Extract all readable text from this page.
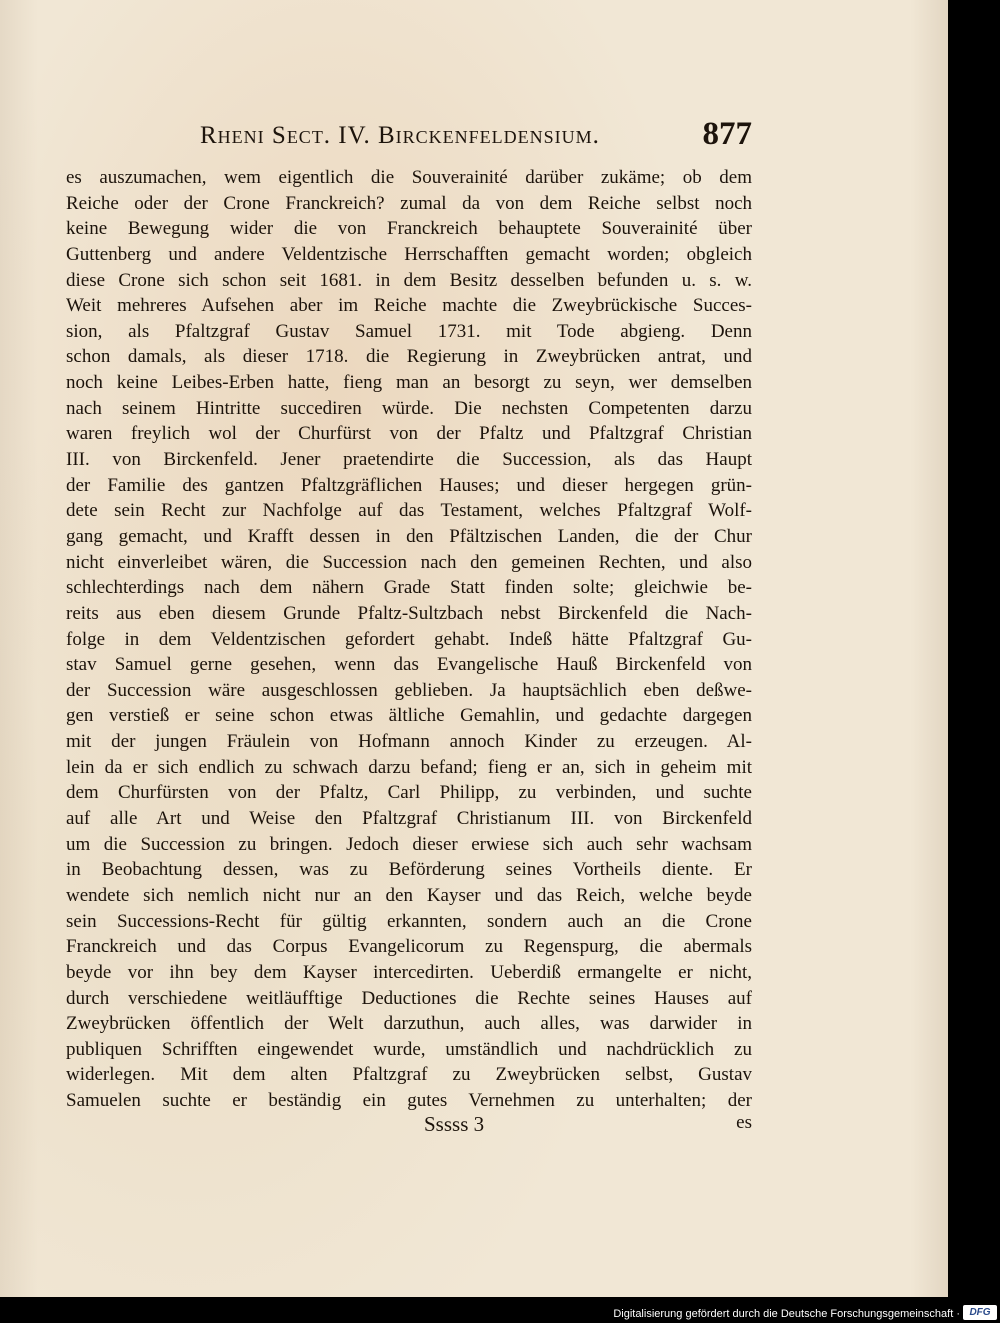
Rheni Sect. IV. Birckenfeldensium.	877
es auszumachen, wem eigentlich die Souverainité darüber zukäme; ob dem
Reiche oder der Crone Franckreich? zumal da von dem Reiche selbst noch
keine Bewegung wider die von Franckreich behauptete Souverainité über
Guttenberg und andere Veldentzische Herrschafften gemacht worden; obgleich
diese Crone sich schon seit 1681. in dem Besitz desselben befunden u. s. w.
Weit mehreres Aufsehen aber im Reiche machte die Zweybrückische Succes-
sion, als Pfaltzgraf Gustav Samuel 1731. mit Tode abgieng. Denn
schon damals, als dieser 1718. die Regierung in Zweybrücken antrat, und
noch keine Leibes-Erben hatte, fieng man an besorgt zu seyn, wer demselben
nach seinem Hintritte succediren würde. Die nechsten Competenten darzu
waren freylich wol der Churfürst von der Pfaltz und Pfaltzgraf Christian
III. von Birckenfeld. Jener praetendirte die Succession, als das Haupt
der Familie des gantzen Pfaltzgräflichen Hauses; und dieser hergegen grün-
dete sein Recht zur Nachfolge auf das Testament, welches Pfaltzgraf Wolf-
gang gemacht, und Krafft dessen in den Pfältzischen Landen, die der Chur
nicht einverleibet wären, die Succession nach den gemeinen Rechten, und also
schlechterdings nach dem nähern Grade Statt finden solte; gleichwie be-
reits aus eben diesem Grunde Pfaltz-Sultzbach nebst Birckenfeld die Nach-
folge in dem Veldentzischen gefordert gehabt. Indeß hätte Pfaltzgraf Gu-
stav Samuel gerne gesehen, wenn das Evangelische Hauß Birckenfeld von
der Succession wäre ausgeschlossen geblieben. Ja hauptsächlich eben deßwe-
gen verstieß er seine schon etwas ältliche Gemahlin, und gedachte dargegen
mit der jungen Fräulein von Hofmann annoch Kinder zu erzeugen. Al-
lein da er sich endlich zu schwach darzu befand; fieng er an, sich in geheim mit
dem Churfürsten von der Pfaltz, Carl Philipp, zu verbinden, und suchte
auf alle Art und Weise den Pfaltzgraf Christianum III. von Birckenfeld
um die Succession zu bringen. Jedoch dieser erwiese sich auch sehr wachsam
in Beobachtung dessen, was zu Beförderung seines Vortheils diente. Er
wendete sich nemlich nicht nur an den Kayser und das Reich, welche beyde
sein Successions-Recht für gültig erkannten, sondern auch an die Crone
Franckreich und das Corpus Evangelicorum zu Regenspurg, die abermals
beyde vor ihn bey dem Kayser intercedirten. Ueberdiß ermangelte er nicht,
durch verschiedene weitläufftige Deductiones die Rechte seines Hauses auf
Zweybrücken öffentlich der Welt darzuthun, auch alles, was darwider in
publiquen Schrifften eingewendet wurde, umständlich und nachdrücklich zu
widerlegen. Mit dem alten Pfaltzgraf zu Zweybrücken selbst, Gustav
Samuelen suchte er beständig ein gutes Vernehmen zu unterhalten; der
Sssss 3	es
Digitalisierung gefördert durch die Deutsche Forschungsgemeinschaft · DFG
